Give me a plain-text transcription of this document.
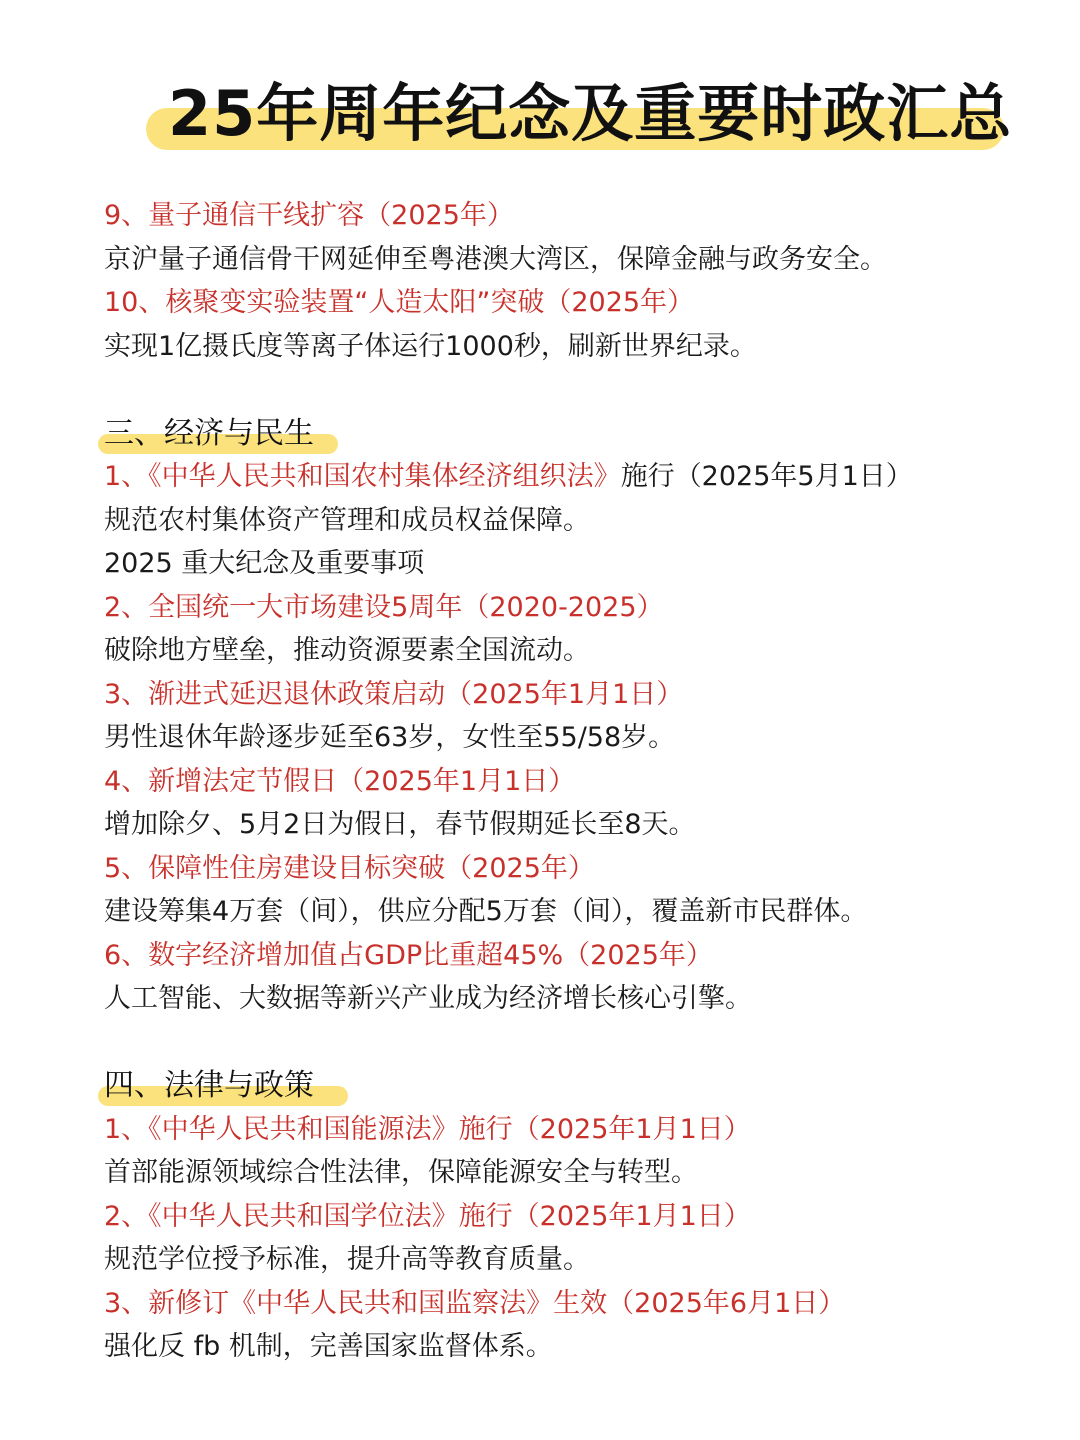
25年周年纪念及重要时政汇总
9、量子通信干线扩容（2025年）
京沪量子通信骨干网延伸至粤港澳大湾区，保障金融与政务安全。
10、核聚变实验装置“人造太阳”突破（2025年）
实现1亿摄氏度等离子体运行1000秒，刷新世界纪录。
三、经济与民生
1、《中华人民共和国农村集体经济组织法》施行（2025年5月1日）
规范农村集体资产管理和成员权益保障。
2025 重大纪念及重要事项
2、全国统一大市场建设5周年（2020-2025）
破除地方壁垒，推动资源要素全国流动。
3、渐进式延迟退休政策启动（2025年1月1日）
男性退休年龄逐步延至63岁，女性至55/58岁。
4、新增法定节假日（2025年1月1日）
增加除夕、5月2日为假日，春节假期延长至8天。
5、保障性住房建设目标突破（2025年）
建设筹集4万套（间），供应分配5万套（间），覆盖新市民群体。
6、数字经济增加值占GDP比重超45%（2025年）
人工智能、大数据等新兴产业成为经济增长核心引擎。
四、法律与政策
1、《中华人民共和国能源法》施行（2025年1月1日）
首部能源领域综合性法律，保障能源安全与转型。
2、《中华人民共和国学位法》施行（2025年1月1日）
规范学位授予标准，提升高等教育质量。
3、新修订《中华人民共和国监察法》生效（2025年6月1日）
强化反 fb 机制，完善国家监督体系。
